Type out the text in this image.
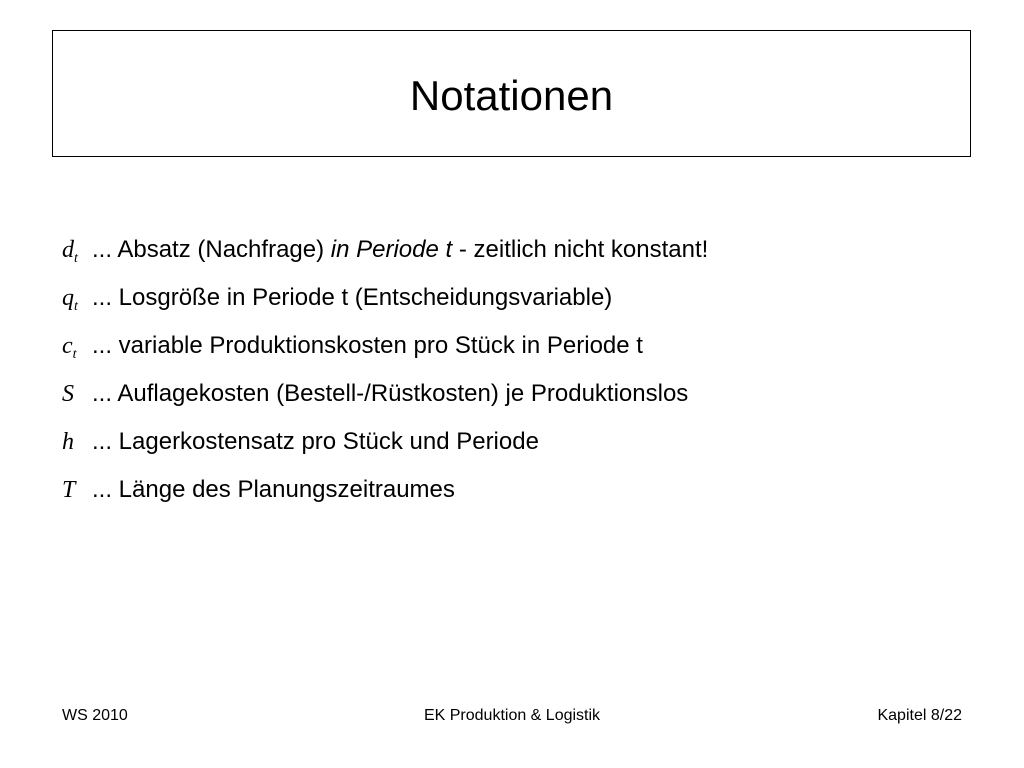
Notationen
$d_t$ ... Absatz (Nachfrage) in Periode t - zeitlich nicht konstant!
$q_t$ ... Losgröße in Periode t (Entscheidungsvariable)
$c_t$ ... variable Produktionskosten pro Stück in Periode t
S ... Auflagekosten (Bestell-/Rüstkosten) je Produktionslos
h ... Lagerkostensatz pro Stück und Periode
T ... Länge des Planungszeitraumes
EK Produktion & Logistik
WS 2010	Kapitel 8/22
